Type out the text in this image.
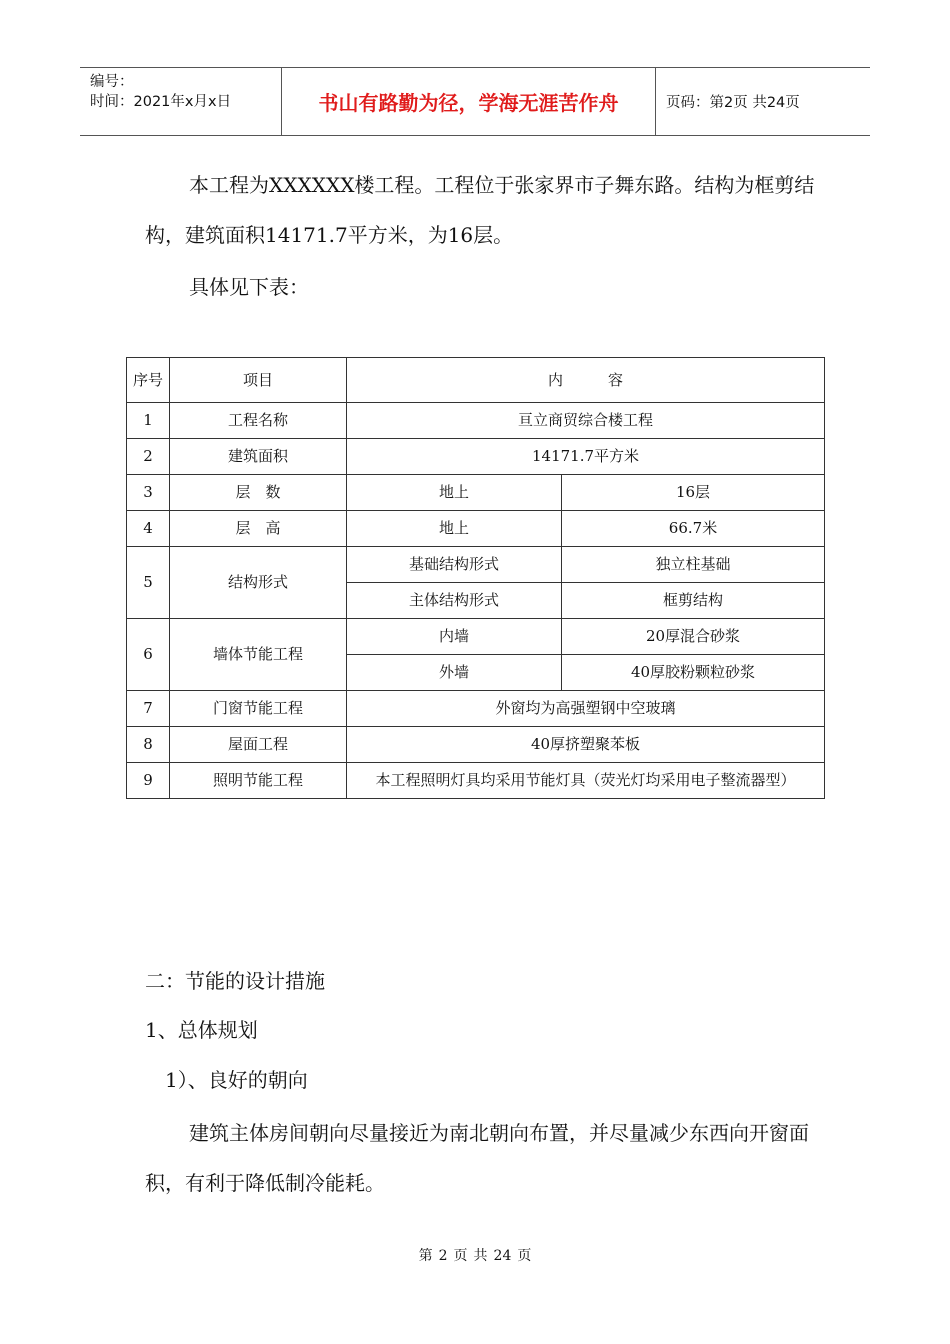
编号：
时间：2021年x月x日	书山有路勤为径，学海无涯苦作舟	页码：第2页 共24页

本工程为XXXXXX楼工程。工程位于张家界市子舞东路。结构为框剪结构，建筑面积14171.7平方米，为16层。

具体见下表：

序号	项目	内　　　容	
1	工程名称	亘立商贸综合楼工程	
2	建筑面积	14171.7平方米	
3	层　数	地上	16层
4	层　高	地上	66.7米
5	结构形式	基础结构形式	独立柱基础
		主体结构形式	框剪结构
6	墙体节能工程	内墙	20厚混合砂浆
		外墙	40厚胶粉颗粒砂浆
7	门窗节能工程	外窗均为高强塑钢中空玻璃	
8	屋面工程	40厚挤塑聚苯板	
9	照明节能工程	本工程照明灯具均采用节能灯具（荧光灯均采用电子整流器型）	

二：节能的设计措施

1、总体规划

1）、良好的朝向

建筑主体房间朝向尽量接近为南北朝向布置，并尽量减少东西向开窗面积，有利于降低制冷能耗。

第 2 页 共 24 页
